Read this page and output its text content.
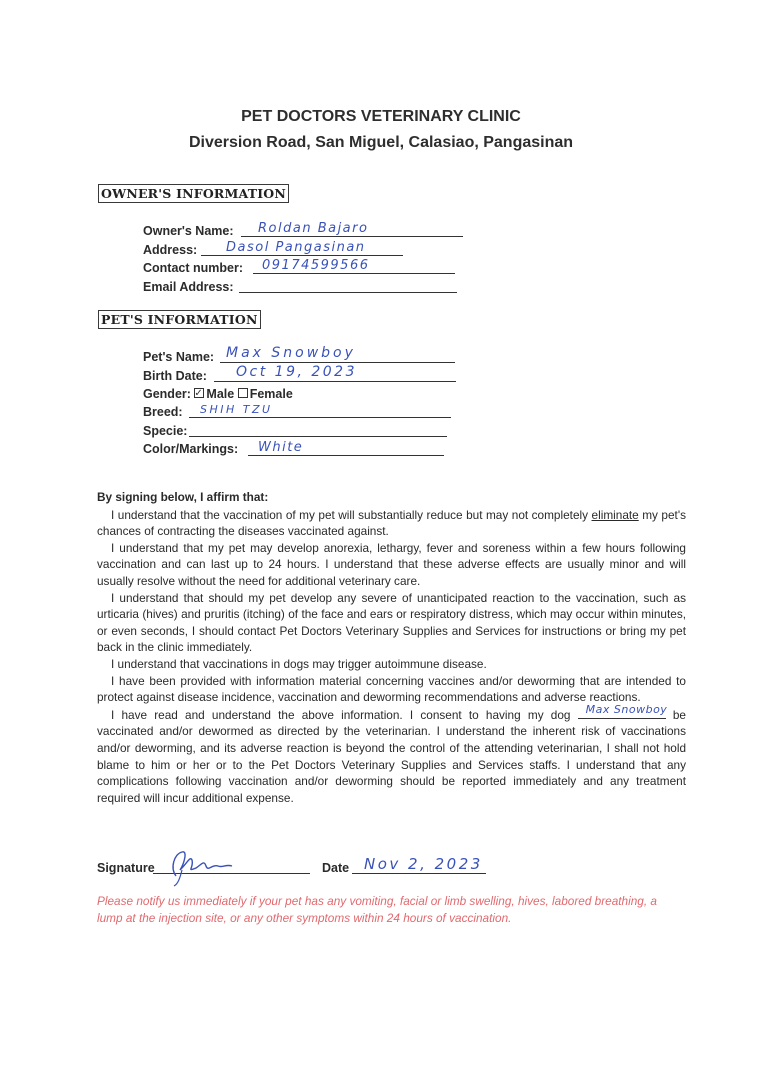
PET DOCTORS VETERINARY CLINIC
Diversion Road, San Miguel, Calasiao, Pangasinan
OWNER'S INFORMATION
Owner's Name: Roldan Bajaro
Address: Dasol Pangasinan
Contact number: 09174599566
Email Address:
PET'S INFORMATION
Pet's Name: Max Snowboy
Birth Date: Oct 19, 2023
Gender: ✓ Male Female
Breed: SHIH TZU
Specie:
Color/Markings: White

By signing below, I affirm that:

I understand that the vaccination of my pet will substantially reduce but may not completely eliminate my pet's chances of contracting the diseases vaccinated against.

I understand that my pet may develop anorexia, lethargy, fever and soreness within a few hours following vaccination and can last up to 24 hours. I understand that these adverse effects are usually minor and will usually resolve without the need for additional veterinary care.

I understand that should my pet develop any severe of unanticipated reaction to the vaccination, such as urticaria (hives) and pruritis (itching) of the face and ears or respiratory distress, which may occur within minutes, or even seconds, I should contact Pet Doctors Veterinary Supplies and Services for instructions or bring my pet back in the clinic immediately.

I understand that vaccinations in dogs may trigger autoimmune disease.

I have been provided with information material concerning vaccines and/or deworming that are intended to protect against disease incidence, vaccination and deworming recommendations and adverse reactions.

I have read and understand the above information. I consent to having my dog Max Snowboy
be vaccinated and/or dewormed as directed by the veterinarian. I understand the inherent risk of vaccinations and/or deworming, and its adverse reaction is beyond the control of the attending veterinarian, I shall not hold blame to him or her or to the Pet Doctors Veterinary Supplies and Services staffs. I understand that any complications following vaccination and/or deworming should be reported immediately and any treatment required will incur additional expense.

Signature	Date Nov 2, 2023
Please notify us immediately if your pet has any vomiting, facial or limb swelling, hives, labored breathing, a lump at the injection site, or any other symptoms within 24 hours of vaccination.
